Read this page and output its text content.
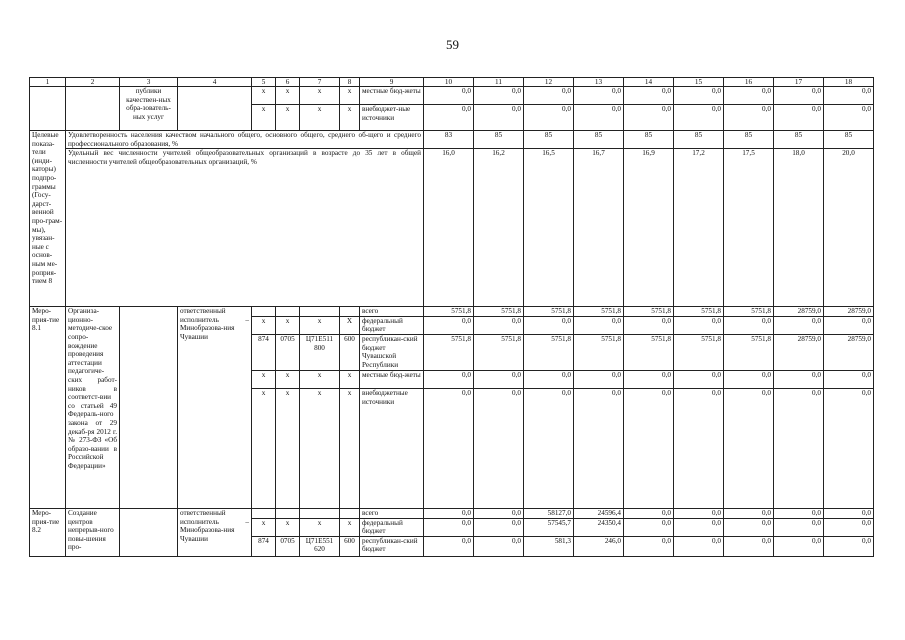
59
1	2	3	4	5	6	7	8	9	10	11	12	13	14	15	16	17	18
		публики качествен-ных обра-зователь-ных услуг		x	x	x	x	местные бюд-жеты	0,0	0,0	0,0	0,0	0,0	0,0	0,0	0,0	0,0
				x	x	x	x	внебюджет-ные источники	0,0	0,0	0,0	0,0	0,0	0,0	0,0	0,0	0,0
Целевые показа-тели (инди-каторы) подпро-граммы (Госу-дарст-венной про-грам-мы), увязан-ные с основ-ным ме-роприя-тием 8	Удовлетворенность населения качеством начального общего, основного общего, среднего об-щего и среднего профессионального образования, %								83	85	85	85	85	85	85	85	85
	Удельный вес численности учителей общеобразовательных организаций в возрасте до 35 лет в общей численности учителей общеобразовательных организаций, %								16,0	16,2	16,5	16,7	16,9	17,2	17,5	18,0	20,0
Меро-прия-тие 8.1	Организа-ционно-методиче-ское сопро-вождение проведения аттестации педагогиче-ских работ-ников в соответст-вии со статьей 49 Федераль-ного закона от 29 декаб-ря 2012 г. № 273-ФЗ «Об образо-вании в Российской Федерации»		ответственный исполнитель – Минобразова-ния Чувашии					всего	5751,8	5751,8	5751,8	5751,8	5751,8	5751,8	5751,8	28759,0	28759,0
				x	x	x	X	федеральный бюджет	0,0	0,0	0,0	0,0	0,0	0,0	0,0	0,0	0,0
				874	0705	Ц71Е511 800	600	республикан-ский бюджет Чувашской Республики	5751,8	5751,8	5751,8	5751,8	5751,8	5751,8	5751,8	28759,0	28759,0
				x	x	x	x	местные бюд-жеты	0,0	0,0	0,0	0,0	0,0	0,0	0,0	0,0	0,0
				x	x	x	x	внебюджетные источники	0,0	0,0	0,0	0,0	0,0	0,0	0,0	0,0	0,0
Меро-прия-тие 8.2	Создание центров непрерыв-ного повы-шения про-		ответственный исполнитель – Минобразова-ния Чувашии					всего	0,0	0,0	58127,0	24596,4	0,0	0,0	0,0	0,0	0,0
				x	x	x	x	федеральный бюджет	0,0	0,0	57545,7	24350,4	0,0	0,0	0,0	0,0	0,0
				874	0705	Ц71Е551 620	600	республикан-ский бюджет	0,0	0,0	581,3	246,0	0,0	0,0	0,0	0,0	0,0
